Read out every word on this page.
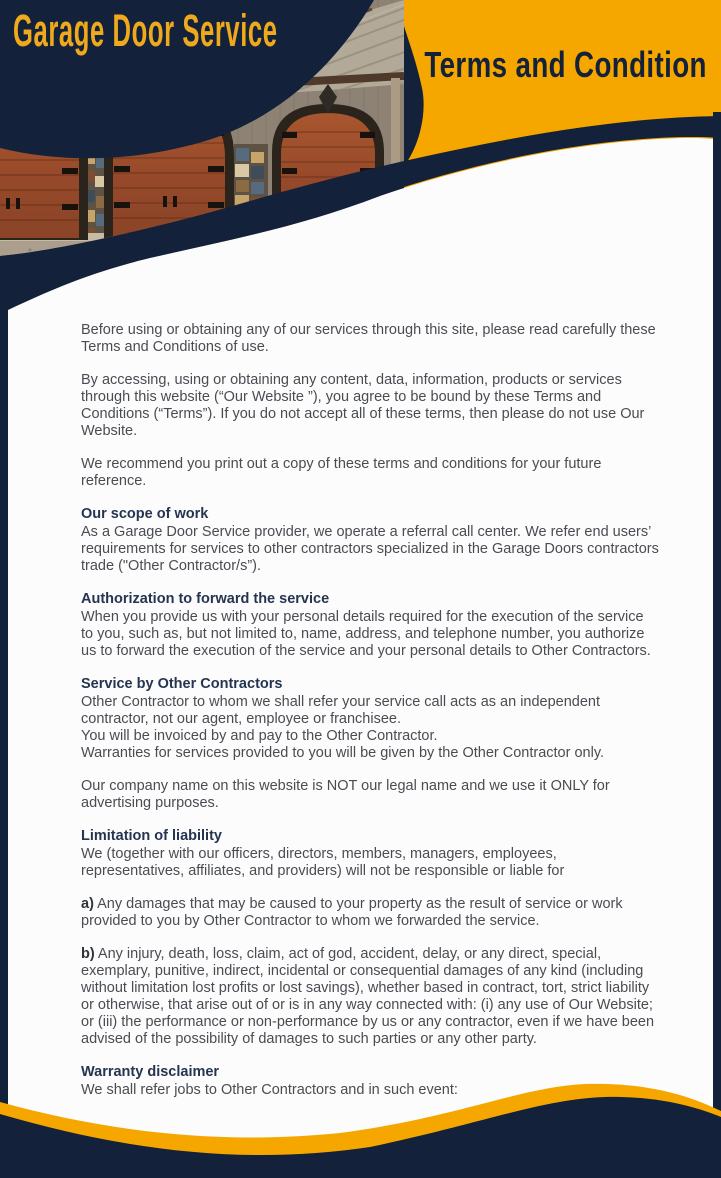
Garage Door Service
Terms and Condition
Before using or obtaining any of our services through this site, please read carefully these Terms and Conditions of use.
By accessing, using or obtaining any content, data, information, products or services through this website (“Our Website ”), you agree to be bound by these Terms and Conditions (“Terms”). If you do not accept all of these terms, then please do not use Our Website.
We recommend you print out a copy of these terms and conditions for your future reference.
Our scope of work
As a Garage Door Service provider, we operate a referral call center. We refer end users’ requirements for services to other contractors specialized in the Garage Doors contractors trade ("Other Contractor/s”).
Authorization to forward the service
When you provide us with your personal details required for the execution of the service to you, such as, but not limited to, name, address, and telephone number, you authorize us to forward the execution of the service and your personal details to Other Contractors.
Service by Other Contractors
Other Contractor to whom we shall refer your service call acts as an independent contractor, not our agent, employee or franchisee.
You will be invoiced by and pay to the Other Contractor.
Warranties for services provided to you will be given by the Other Contractor only.
Our company name on this website is NOT our legal name and we use it ONLY for advertising purposes.
Limitation of liability
We (together with our officers, directors, members, managers, employees, representatives, affiliates, and providers) will not be responsible or liable for
a) Any damages that may be caused to your property as the result of service or work provided to you by Other Contractor to whom we forwarded the service.
b) Any injury, death, loss, claim, act of god, accident, delay, or any direct, special, exemplary, punitive, indirect, incidental or consequential damages of any kind (including without limitation lost profits or lost savings), whether based in contract, tort, strict liability or otherwise, that arise out of or is in any way connected with: (i) any use of Our Website; or (iii) the performance or non-performance by us or any contractor, even if we have been advised of the possibility of damages to such parties or any other party.
Warranty disclaimer
We shall refer jobs to Other Contractors and in such event:
